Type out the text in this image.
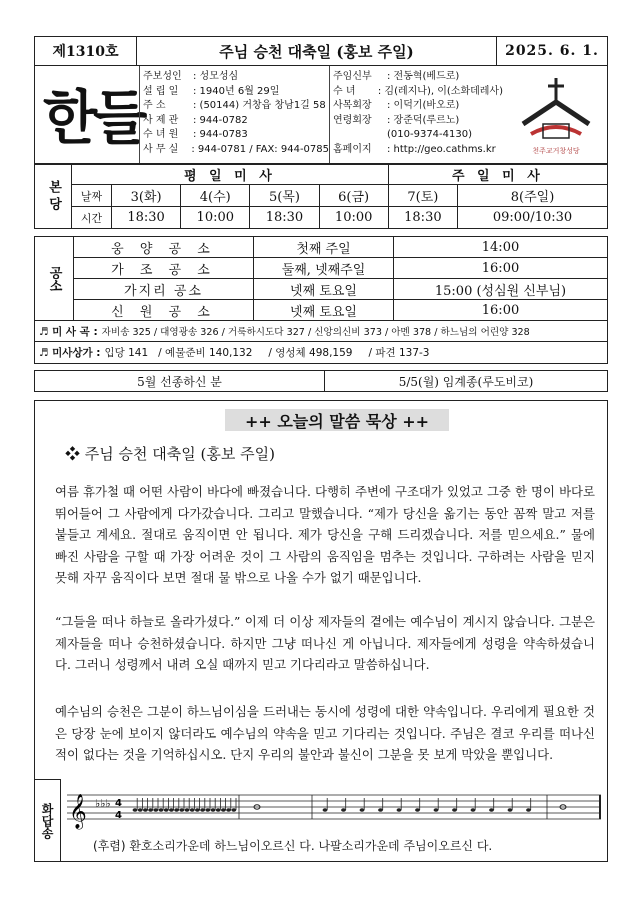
제1310호	주님 승천 대축일 (홍보 주일)	2025. 6. 1.
한들
주보성인	: 성모성심
설 립 일	: 1940년 6월 29일
주 소	: (50144) 거창읍 창남1길 58
사 제 관	: 944-0782
수 녀 원	: 944-0783
사 무 실	: 944-0781 / FAX: 944-0785
주임신부	: 전동혁(베드로)
수 녀	: 김(레지나), 이(소화데레사)
사목회장	: 이덕기(바오로)
연령회장	: 장준덕(루르노)
(010-9374-4130)
홈페이지	: http://geo.cathms.kr	천주교거창성당
본당	평 일 미 사					주 일 미 사	
	날짜	3(화)	4(수)	5(목)	6(금)	7(토)	8(주일)
	시간	18:30	10:00	18:30	10:00	18:30	09:00/10:30
공소	웅 양 공 소	첫째 주일	14:00
	가 조 공 소	둘째, 넷째주일	16:00
	가지리 공소	넷째 토요일	15:00 (성심원 신부님)
	신 원 공 소	넷째 토요일	16:00
♬ 미 사 곡 : 자비송 325 / 대영광송 326 / 거룩하시도다 327 / 신앙의신비 373 / 아멘 378 / 하느님의 어린양 328
♬ 미사상가 : 입당 141 / 예물준비 140,132 / 영성체 498,159 / 파견 137-3
5월 선종하신 분	5/5(월) 임계종(루도비코)
++ 오늘의 말씀 묵상 ++
❖ 주님 승천 대축일 (홍보 주일)

여름 휴가철 때 어떤 사람이 바다에 빠졌습니다. 다행히 주변에 구조대가 있었고 그중 한 명이 바다로 뛰어들어 그 사람에게 다가갔습니다. 그리고 말했습니다. “제가 당신을 옮기는 동안 꼼짝 말고 저를 붙들고 계세요. 절대로 움직이면 안 됩니다. 제가 당신을 구해 드리겠습니다. 저를 믿으세요.” 물에 빠진 사람을 구할 때 가장 어려운 것이 그 사람의 움직임을 멈추는 것입니다. 구하려는 사람을 믿지 못해 자꾸 움직이다 보면 절대 물 밖으로 나올 수가 없기 때문입니다.

“그들을 떠나 하늘로 올라가셨다.” 이제 더 이상 제자들의 곁에는 예수님이 계시지 않습니다. 그분은 제자들을 떠나 승천하셨습니다. 하지만 그냥 떠나신 게 아닙니다. 제자들에게 성령을 약속하셨습니다. 그러니 성령께서 내려 오실 때까지 믿고 기다리라고 말씀하십니다.

예수님의 승천은 그분이 하느님이심을 드러내는 동시에 성령에 대한 약속입니다. 우리에게 필요한 것은 당장 눈에 보이지 않더라도 예수님의 약속을 믿고 기다리는 것입니다. 주님은 결코 우리를 떠나신 적이 없다는 것을 기억하십시오. 단지 우리의 불안과 불신이 그분을 못 보게 막았을 뿐입니다.

화답송 𝄞 ♭♭♭ 4
4
(후렴) 환호소리가운데 하느님이오르신 다. 나팔소리가운데 주님이오르신 다.
